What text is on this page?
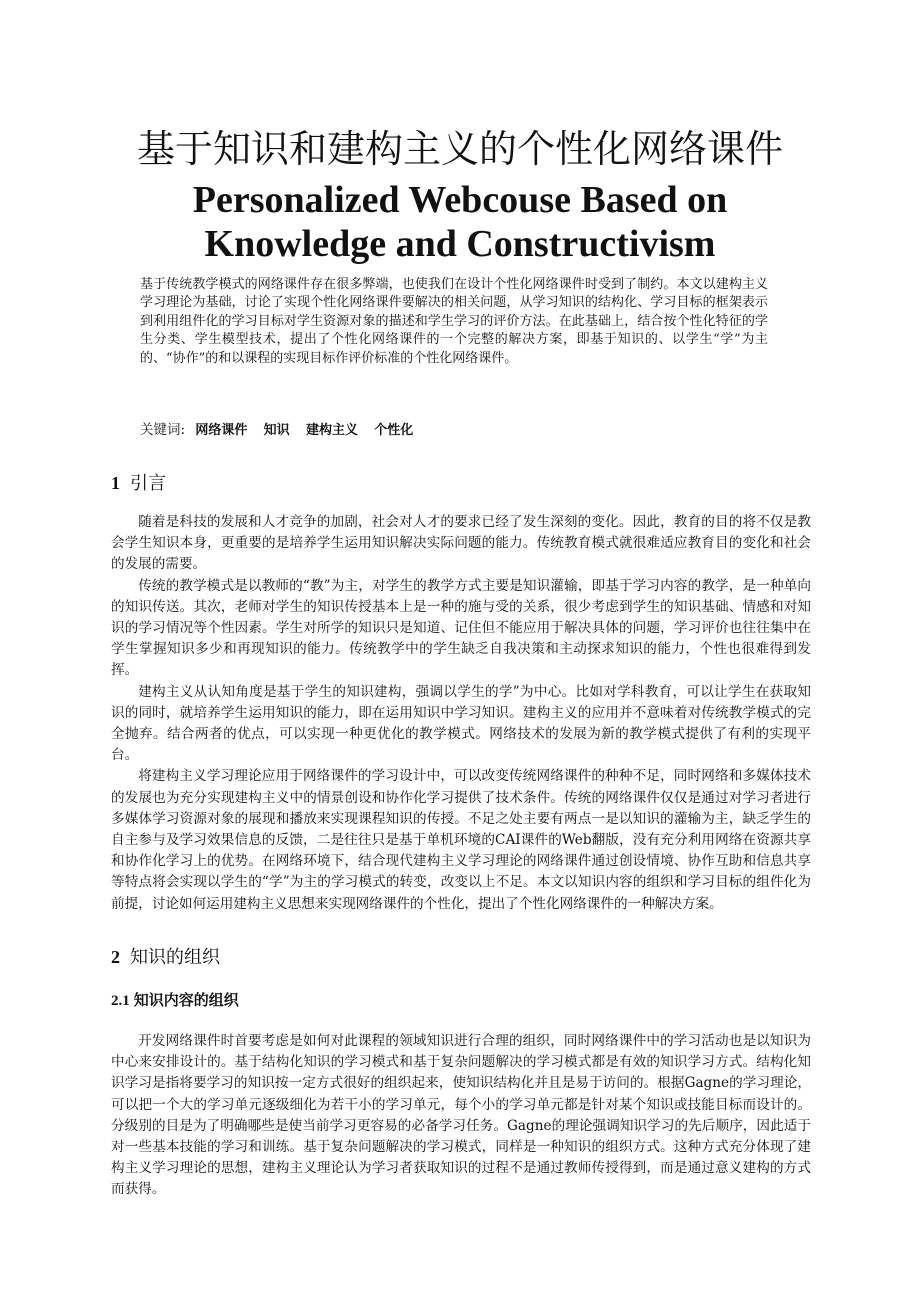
基于知识和建构主义的个性化网络课件
Personalized Webcouse Based on
Knowledge and Constructivism

基于传统教学模式的网络课件存在很多弊端，也使我们在设计个性化网络课件时受到了制约。本文以建构主义学习理论为基础，讨论了实现个性化网络课件要解决的相关问题，从学习知识的结构化、学习目标的框架表示到利用组件化的学习目标对学生资源对象的描述和学生学习的评价方法。在此基础上，结合按个性化特征的学生分类、学生模型技术，提出了个性化网络课件的一个完整的解决方案，即基于知识的、以学生“学”为主的、“协作”的和以课程的实现目标作评价标准的个性化网络课件。

关键词: 网络课件 知识 建构主义 个性化
1 引言

随着是科技的发展和人才竞争的加剧，社会对人才的要求已经了发生深刻的变化。因此，教育的目的将不仅是教会学生知识本身，更重要的是培养学生运用知识解决实际问题的能力。传统教育模式就很难适应教育目的变化和社会的发展的需要。

传统的教学模式是以教师的“教”为主，对学生的教学方式主要是知识灌输，即基于学习内容的教学，是一种单向的知识传送。其次，老师对学生的知识传授基本上是一种的施与受的关系，很少考虑到学生的知识基础、情感和对知识的学习情况等个性因素。学生对所学的知识只是知道、记住但不能应用于解决具体的问题，学习评价也往往集中在学生掌握知识多少和再现知识的能力。传统教学中的学生缺乏自我决策和主动探求知识的能力，个性也很难得到发挥。

建构主义从认知角度是基于学生的知识建构，强调以学生的学”为中心。比如对学科教育，可以让学生在获取知识的同时，就培养学生运用知识的能力，即在运用知识中学习知识。建构主义的应用并不意味着对传统教学模式的完全抛弃。结合两者的优点，可以实现一种更优化的教学模式。网络技术的发展为新的教学模式提供了有利的实现平台。

将建构主义学习理论应用于网络课件的学习设计中，可以改变传统网络课件的种种不足，同时网络和多媒体技术的发展也为充分实现建构主义中的情景创设和协作化学习提供了技术条件。传统的网络课件仅仅是通过对学习者进行多媒体学习资源对象的展现和播放来实现课程知识的传授。不足之处主要有两点一是以知识的灌输为主，缺乏学生的自主参与及学习效果信息的反馈，二是往往只是基于单机环境的CAI课件的Web翻版，没有充分利用网络在资源共享和协作化学习上的优势。在网络环境下，结合现代建构主义学习理论的网络课件通过创设情境、协作互助和信息共享等特点将会实现以学生的“学”为主的学习模式的转变，改变以上不足。本文以知识内容的组织和学习目标的组件化为前提，讨论如何运用建构主义思想来实现网络课件的个性化，提出了个性化网络课件的一种解决方案。

2 知识的组织
2.1 知识内容的组织

开发网络课件时首要考虑是如何对此课程的领域知识进行合理的组织，同时网络课件中的学习活动也是以知识为中心来安排设计的。基于结构化知识的学习模式和基于复杂问题解决的学习模式都是有效的知识学习方式。结构化知识学习是指将要学习的知识按一定方式很好的组织起来，使知识结构化并且是易于访问的。根据Gagne的学习理论，可以把一个大的学习单元逐级细化为若干小的学习单元，每个小的学习单元都是针对某个知识或技能目标而设计的。分级别的目是为了明确哪些是使当前学习更容易的必备学习任务。Gagne的理论强调知识学习的先后顺序，因此适于对一些基本技能的学习和训练。基于复杂问题解决的学习模式，同样是一种知识的组织方式。这种方式充分体现了建构主义学习理论的思想，建构主义理论认为学习者获取知识的过程不是通过教师传授得到，而是通过意义建构的方式而获得。
